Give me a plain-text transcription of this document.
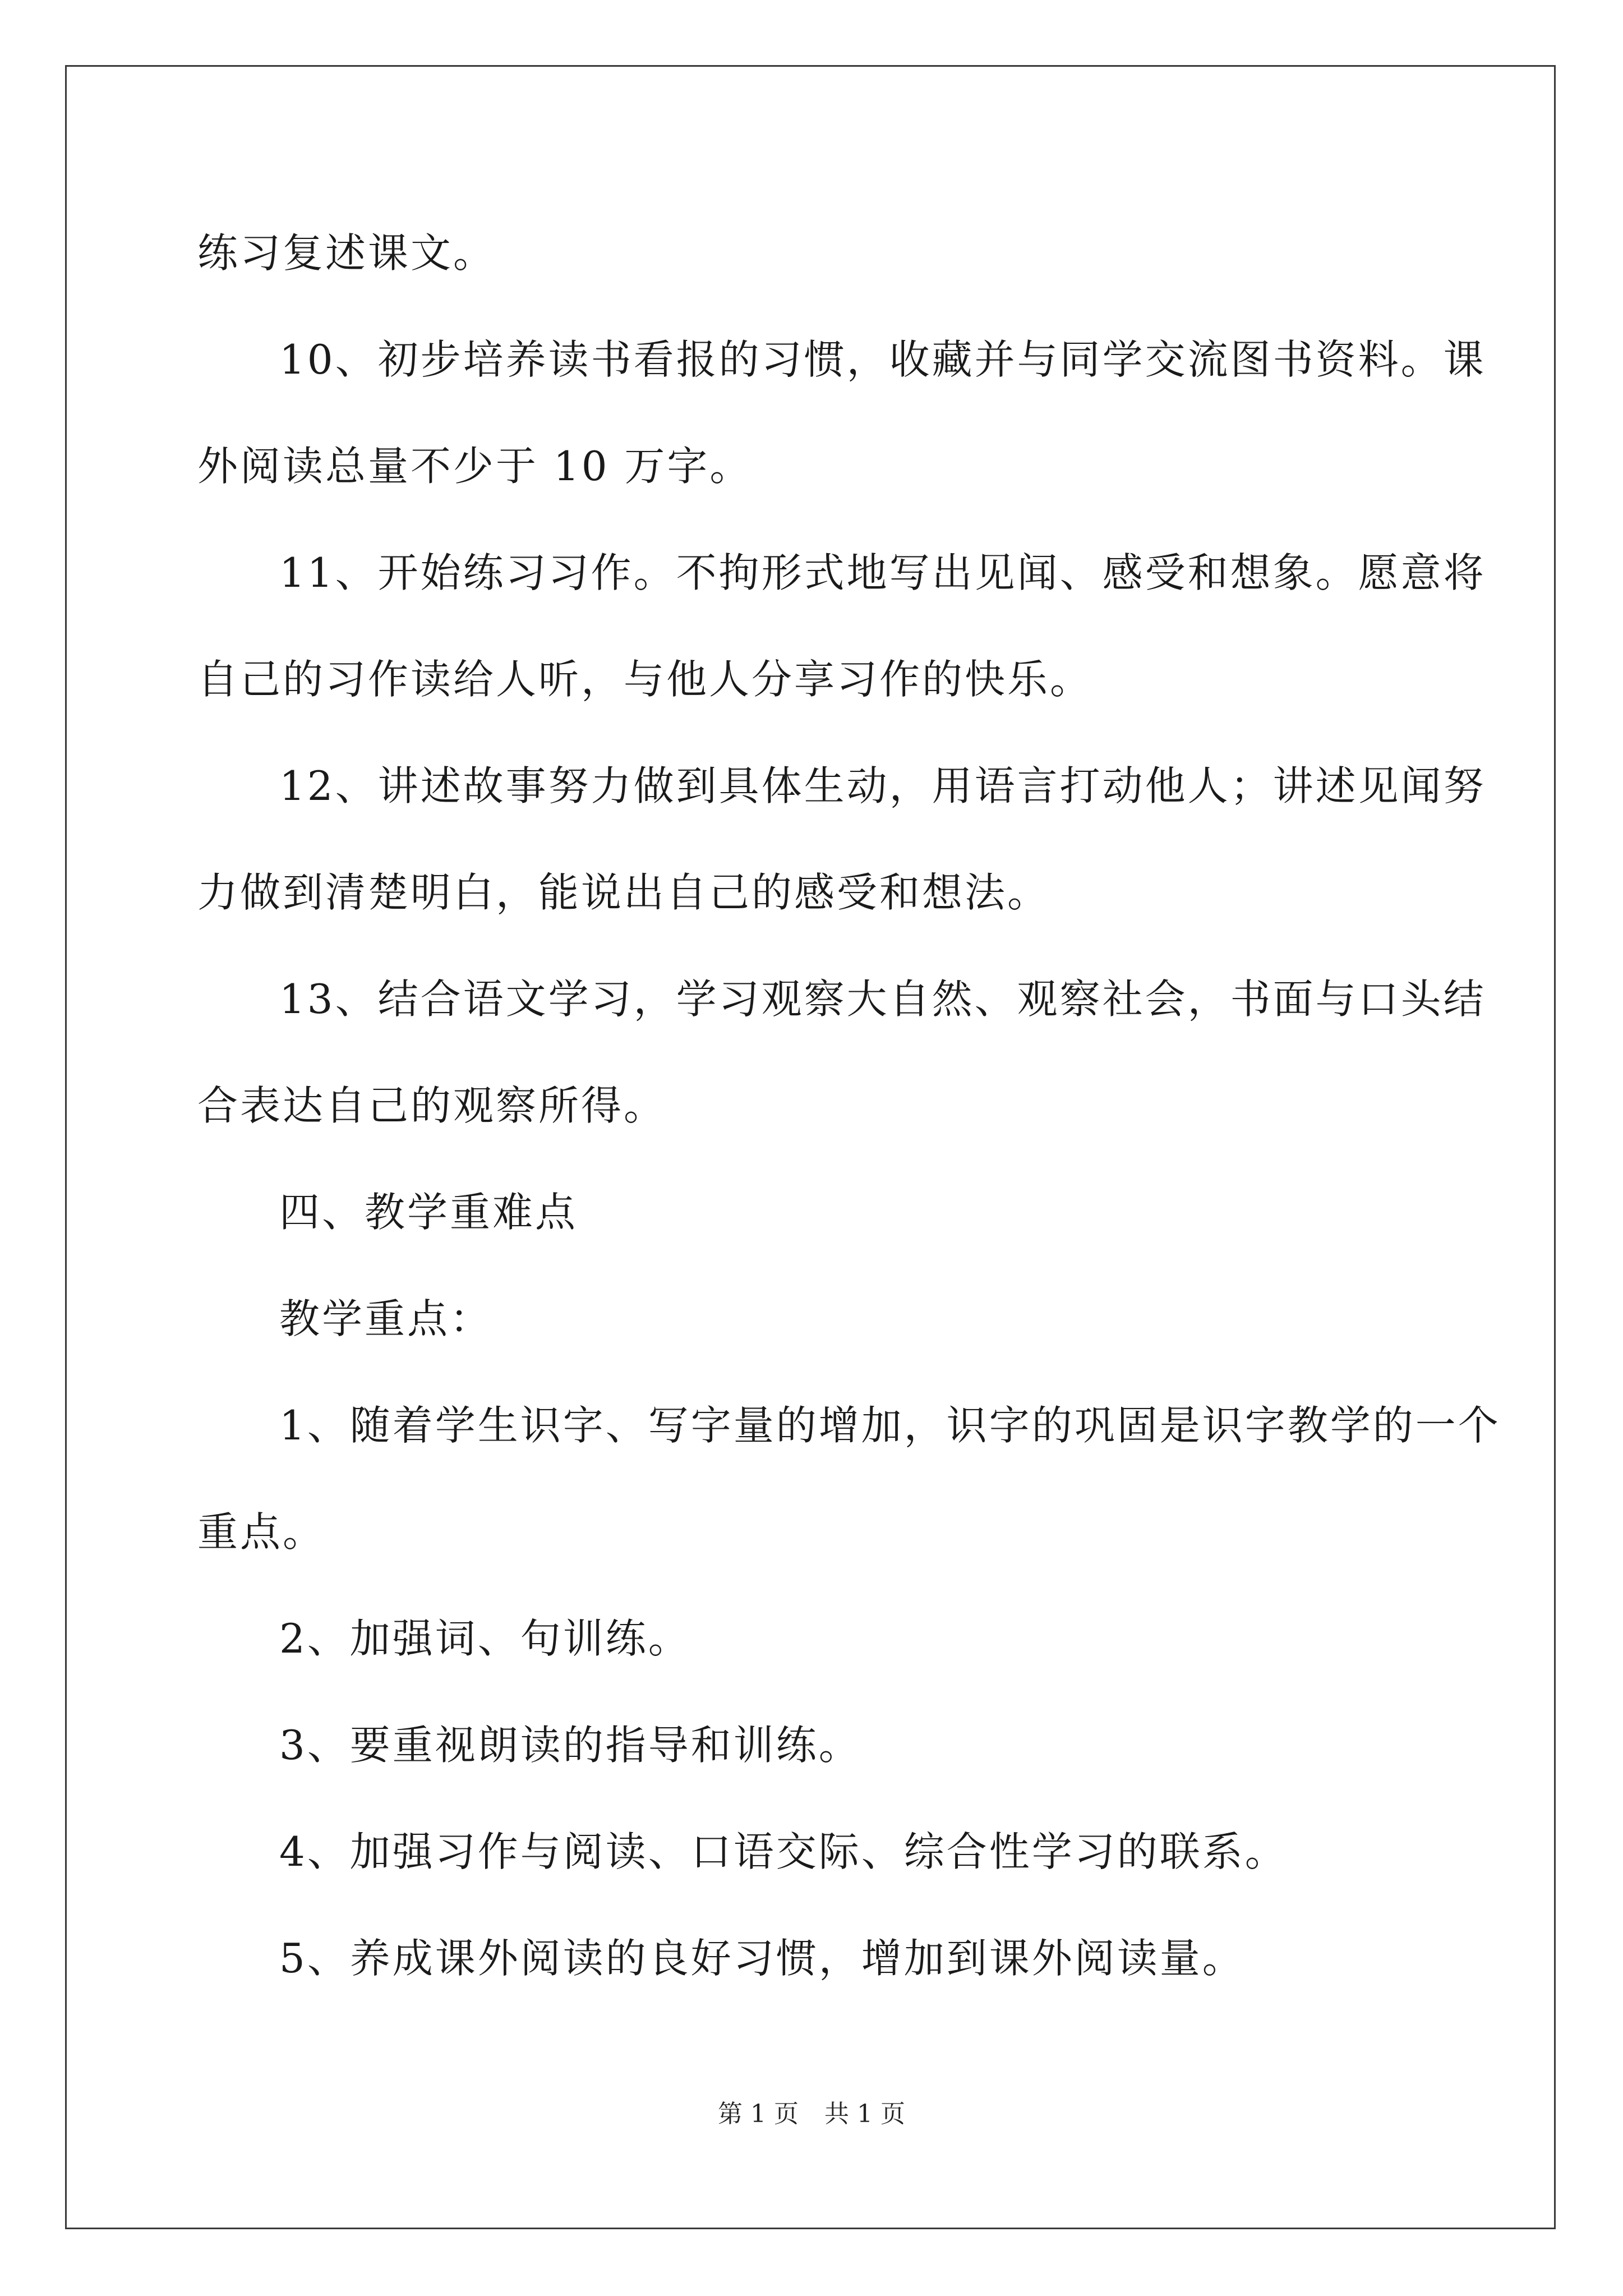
练习复述课文。

10、初步培养读书看报的习惯，收藏并与同学交流图书资料。课

外阅读总量不少于 10 万字。

11、开始练习习作。不拘形式地写出见闻、感受和想象。愿意将

自己的习作读给人听，与他人分享习作的快乐。

12、讲述故事努力做到具体生动，用语言打动他人；讲述见闻努

力做到清楚明白，能说出自己的感受和想法。

13、结合语文学习，学习观察大自然、观察社会，书面与口头结

合表达自己的观察所得。

四、教学重难点

教学重点：

1、随着学生识字、写字量的增加，识字的巩固是识字教学的一个

重点。

2、加强词、句训练。

3、要重视朗读的指导和训练。

4、加强习作与阅读、口语交际、综合性学习的联系。

5、养成课外阅读的良好习惯，增加到课外阅读量。

第 1 页 共 1 页
